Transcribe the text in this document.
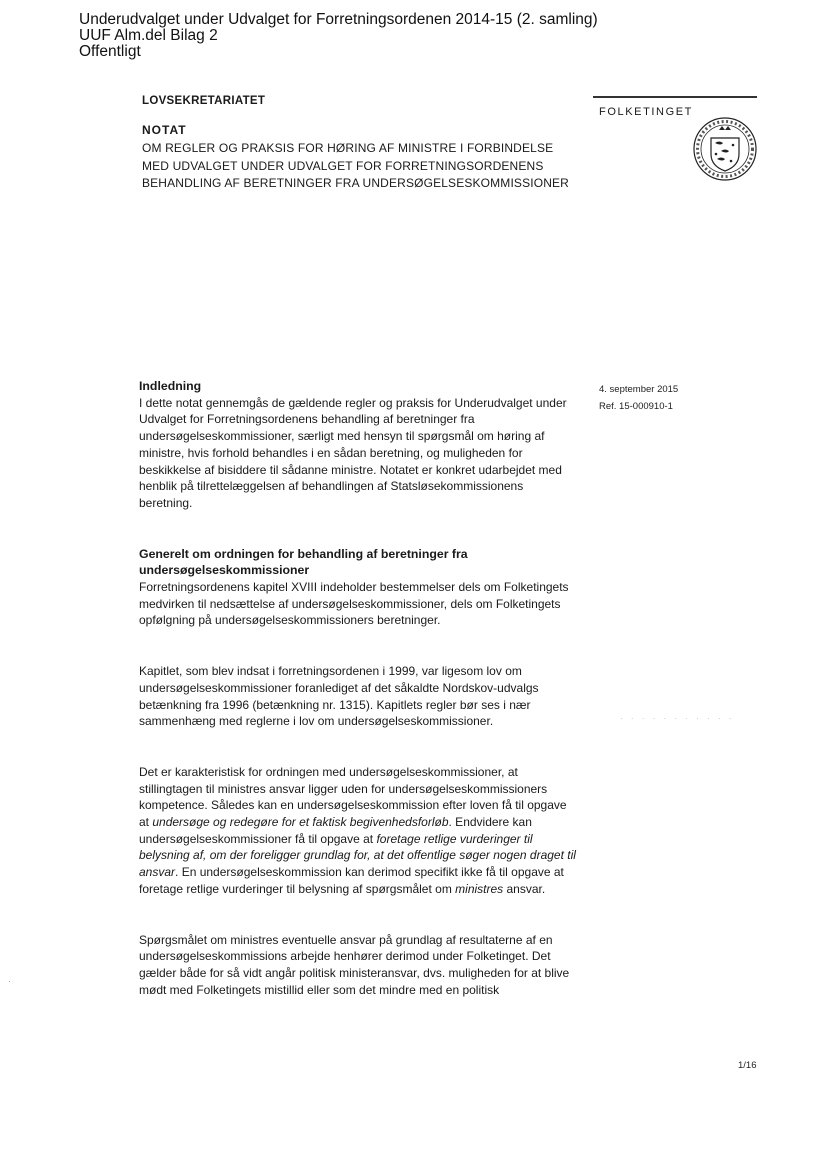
Underudvalget under Udvalget for Forretningsordenen 2014-15 (2. samling)
UUF Alm.del Bilag 2
Offentligt
LOVSEKRETARIATET
FOLKETINGET
NOTAT
OM REGLER OG PRAKSIS FOR HØRING AF MINISTRE I FORBINDELSE
MED UDVALGET UNDER UDVALGET FOR FORRETNINGSORDENENS
BEHANDLING AF BERETNINGER FRA UNDERSØGELSESKOMMISSIONER
4. september 2015
Ref. 15-000910-1
Indledning

I dette notat gennemgås de gældende regler og praksis for Underudvalget under Udvalget for Forretningsordenens behandling af beretninger fra undersøgelseskommissioner, særligt med hensyn til spørgsmål om høring af ministre, hvis forhold behandles i en sådan beretning, og muligheden for beskikkelse af bisiddere til sådanne ministre. Notatet er konkret udarbejdet med henblik på tilrettelæggelsen af behandlingen af Statsløsekommissionens beretning.

Generelt om ordningen for behandling af beretninger fra undersøgelseskommissioner

Forretningsordenens kapitel XVIII indeholder bestemmelser dels om Folketingets medvirken til nedsættelse af undersøgelseskommissioner, dels om Folketingets opfølgning på undersøgelseskommissioners beretninger.

Kapitlet, som blev indsat i forretningsordenen i 1999, var ligesom lov om undersøgelseskommissioner foranlediget af det såkaldte Nordskov-udvalgs betænkning fra 1996 (betænkning nr. 1315). Kapitlets regler bør ses i nær sammenhæng med reglerne i lov om undersøgelseskommissioner.

Det er karakteristisk for ordningen med undersøgelseskommissioner, at stillingtagen til ministres ansvar ligger uden for undersøgelseskommissioners kompetence. Således kan en undersøgelseskommission efter loven få til opgave at undersøge og redegøre for et faktisk begivenhedsforløb. Endvidere kan undersøgelseskommissioner få til opgave at foretage retlige vurderinger til belysning af, om der foreligger grundlag for, at det offentlige søger nogen draget til ansvar. En undersøgelseskommission kan derimod specifikt ikke få til opgave at foretage retlige vurderinger til belysning af spørgsmålet om ministres ansvar.

Spørgsmålet om ministres eventuelle ansvar på grundlag af resultaterne af en undersøgelseskommissions arbejde henhører derimod under Folketinget. Det gælder både for så vidt angår politisk ministeransvar, dvs. muligheden for at blive mødt med Folketingets mistillid eller som det mindre med en politisk

· · · · · · · · · · ·
·
1/16
